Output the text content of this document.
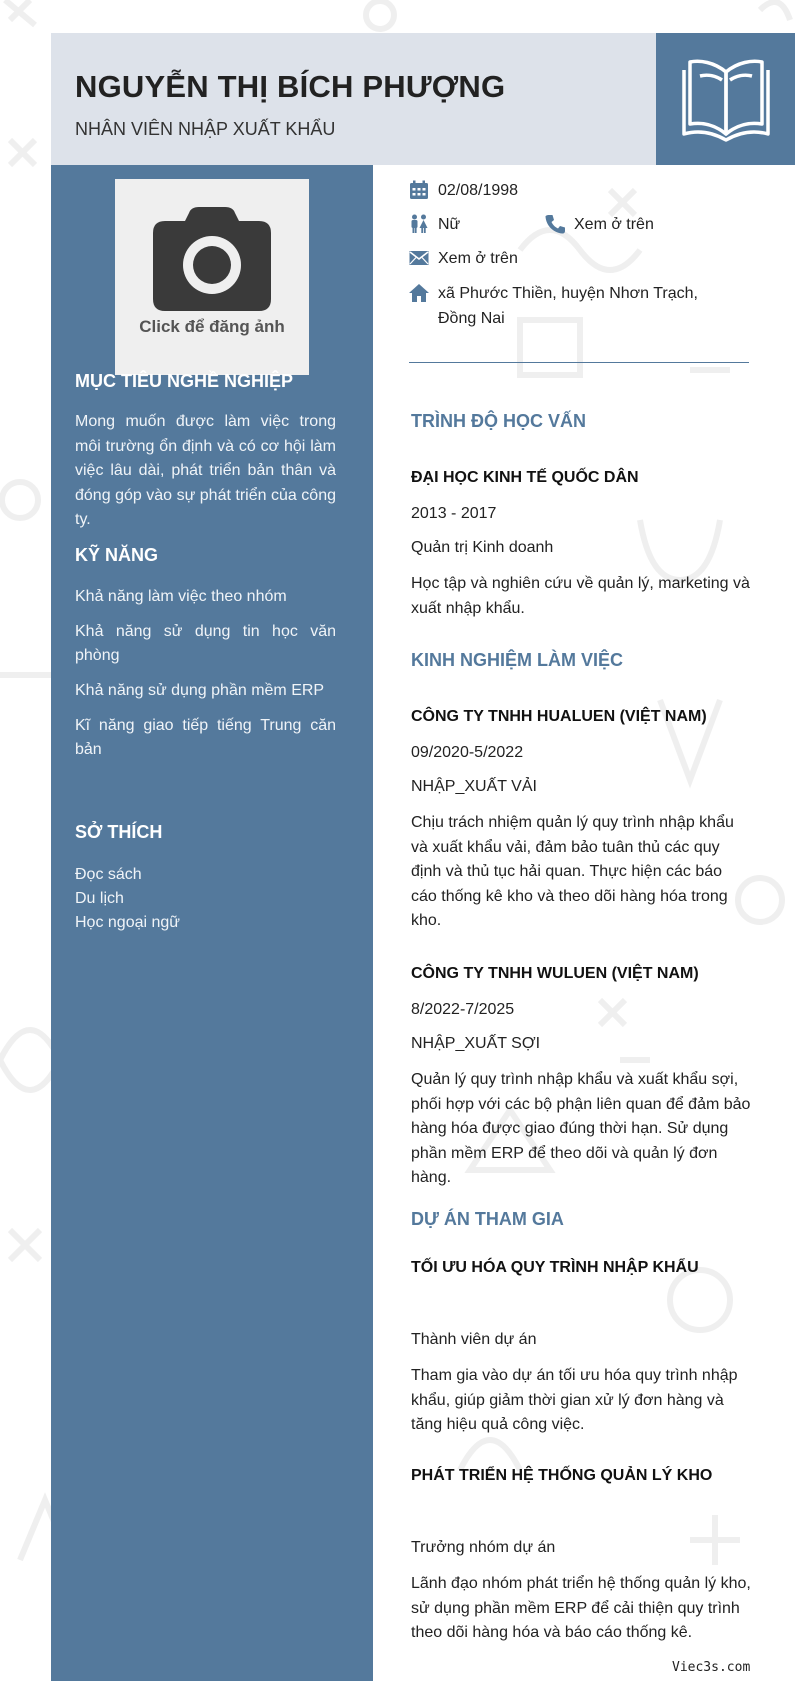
NGUYỄN THỊ BÍCH PHƯỢNG
NHÂN VIÊN NHẬP XUẤT KHẨU
Click để đăng ảnh
MỤC TIÊU NGHỀ NGHIỆP
Mong muốn được làm việc trong môi trường ổn định và có cơ hội làm việc lâu dài, phát triển bản thân và đóng góp vào sự phát triển của công ty.
KỸ NĂNG
Khả năng làm việc theo nhóm
Khả năng sử dụng tin học văn phòng
Khả năng sử dụng phần mềm ERP
Kĩ năng giao tiếp tiếng Trung căn bản
SỞ THÍCH
Đọc sách
Du lịch
Học ngoại ngữ
02/08/1998
Nữ	Xem ở trên
Xem ở trên
xã Phước Thiền, huyện Nhơn Trạch, Đồng Nai
TRÌNH ĐỘ HỌC VẤN
ĐẠI HỌC KINH TẾ QUỐC DÂN
2013 - 2017
Quản trị Kinh doanh
Học tập và nghiên cứu về quản lý, marketing và xuất nhập khẩu.
KINH NGHIỆM LÀM VIỆC
CÔNG TY TNHH HUALUEN (VIỆT NAM)
09/2020-5/2022
NHẬP_XUẤT VẢI
Chịu trách nhiệm quản lý quy trình nhập khẩu và xuất khẩu vải, đảm bảo tuân thủ các quy định và thủ tục hải quan. Thực hiện các báo cáo thống kê kho và theo dõi hàng hóa trong kho.
CÔNG TY TNHH WULUEN (VIỆT NAM)
8/2022-7/2025
NHẬP_XUẤT SỢI
Quản lý quy trình nhập khẩu và xuất khẩu sợi, phối hợp với các bộ phận liên quan để đảm bảo hàng hóa được giao đúng thời hạn. Sử dụng phần mềm ERP để theo dõi và quản lý đơn hàng.
DỰ ÁN THAM GIA
TỐI ƯU HÓA QUY TRÌNH NHẬP KHẨU
Thành viên dự án
Tham gia vào dự án tối ưu hóa quy trình nhập khẩu, giúp giảm thời gian xử lý đơn hàng và tăng hiệu quả công việc.
PHÁT TRIỂN HỆ THỐNG QUẢN LÝ KHO
Trưởng nhóm dự án
Lãnh đạo nhóm phát triển hệ thống quản lý kho, sử dụng phần mềm ERP để cải thiện quy trình theo dõi hàng hóa và báo cáo thống kê.
Viec3s.com
